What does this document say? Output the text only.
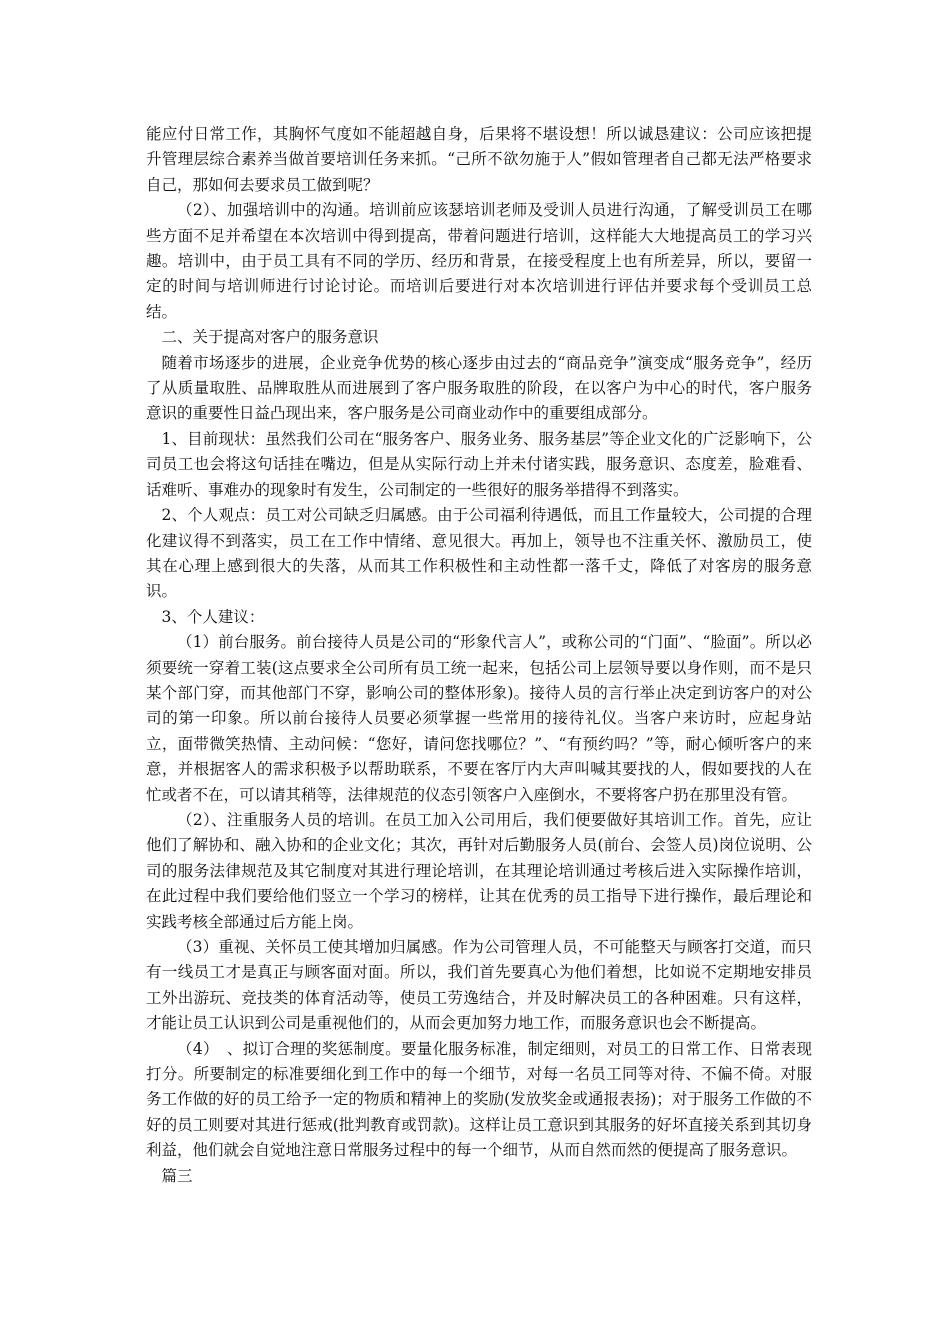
能应付日常工作，其胸怀气度如不能超越自身，后果将不堪设想！所以诚恳建议：公司应该把提升管理层综合素养当做首要培训任务来抓。“己所不欲勿施于人”假如管理者自己都无法严格要求自己，那如何去要求员工做到呢？

（2）、加强培训中的沟通。培训前应该瑟培训老师及受训人员进行沟通，了解受训员工在哪些方面不足并希望在本次培训中得到提高，带着问题进行培训，这样能大大地提高员工的学习兴趣。培训中，由于员工具有不同的学历、经历和背景，在接受程度上也有所差异，所以，要留一定的时间与培训师进行讨论讨论。而培训后要进行对本次培训进行评估并要求每个受训员工总结。

二、关于提高对客户的服务意识

随着市场逐步的进展，企业竞争优势的核心逐步由过去的“商品竞争”演变成“服务竞争”，经历了从质量取胜、品牌取胜从而进展到了客户服务取胜的阶段，在以客户为中心的时代，客户服务意识的重要性日益凸现出来，客户服务是公司商业动作中的重要组成部分。

1、目前现状：虽然我们公司在“服务客户、服务业务、服务基层”等企业文化的广泛影响下，公司员工也会将这句话挂在嘴边，但是从实际行动上并未付诸实践，服务意识、态度差，脸难看、话难听、事难办的现象时有发生，公司制定的一些很好的服务举措得不到落实。

2、个人观点：员工对公司缺乏归属感。由于公司福利待遇低，而且工作量较大，公司提的合理化建议得不到落实，员工在工作中情绪、意见很大。再加上，领导也不注重关怀、激励员工，使其在心理上感到很大的失落，从而其工作积极性和主动性都一落千丈，降低了对客房的服务意识。

3、个人建议：

（1）前台服务。前台接待人员是公司的“形象代言人”，或称公司的“门面”、“脸面”。所以必须要统一穿着工装(这点要求全公司所有员工统一起来，包括公司上层领导要以身作则，而不是只某个部门穿，而其他部门不穿，影响公司的整体形象)。接待人员的言行举止决定到访客户的对公司的第一印象。所以前台接待人员要必须掌握一些常用的接待礼仪。当客户来访时，应起身站立，面带微笑热情、主动问候：“您好，请问您找哪位？”、“有预约吗？”等，耐心倾听客户的来意，并根据客人的需求积极予以帮助联系，不要在客厅内大声叫喊其要找的人，假如要找的人在忙或者不在，可以请其稍等，法律规范的仪态引领客户入座倒水，不要将客户扔在那里没有管。

（2）、注重服务人员的培训。在员工加入公司用后，我们便要做好其培训工作。首先，应让他们了解协和、融入协和的企业文化；其次，再针对后勤服务人员(前台、会签人员)岗位说明、公司的服务法律规范及其它制度对其进行理论培训，在其理论培训通过考核后进入实际操作培训，在此过程中我们要给他们竖立一个学习的榜样，让其在优秀的员工指导下进行操作，最后理论和实践考核全部通过后方能上岗。

（3）重视、关怀员工使其增加归属感。作为公司管理人员，不可能整天与顾客打交道，而只有一线员工才是真正与顾客面对面。所以，我们首先要真心为他们着想，比如说不定期地安排员工外出游玩、竞技类的体育活动等，使员工劳逸结合，并及时解决员工的各种困难。只有这样，才能让员工认识到公司是重视他们的，从而会更加努力地工作，而服务意识也会不断提高。

（4）　、拟订合理的奖惩制度。要量化服务标准，制定细则，对员工的日常工作、日常表现打分。所要制定的标准要细化到工作中的每一个细节，对每一名员工同等对待、不偏不倚。对服务工作做的好的员工给予一定的物质和精神上的奖励(发放奖金或通报表扬)；对于服务工作做的不好的员工则要对其进行惩戒(批判教育或罚款)。这样让员工意识到其服务的好坏直接关系到其切身利益，他们就会自觉地注意日常服务过程中的每一个细节，从而自然而然的便提高了服务意识。

篇三
